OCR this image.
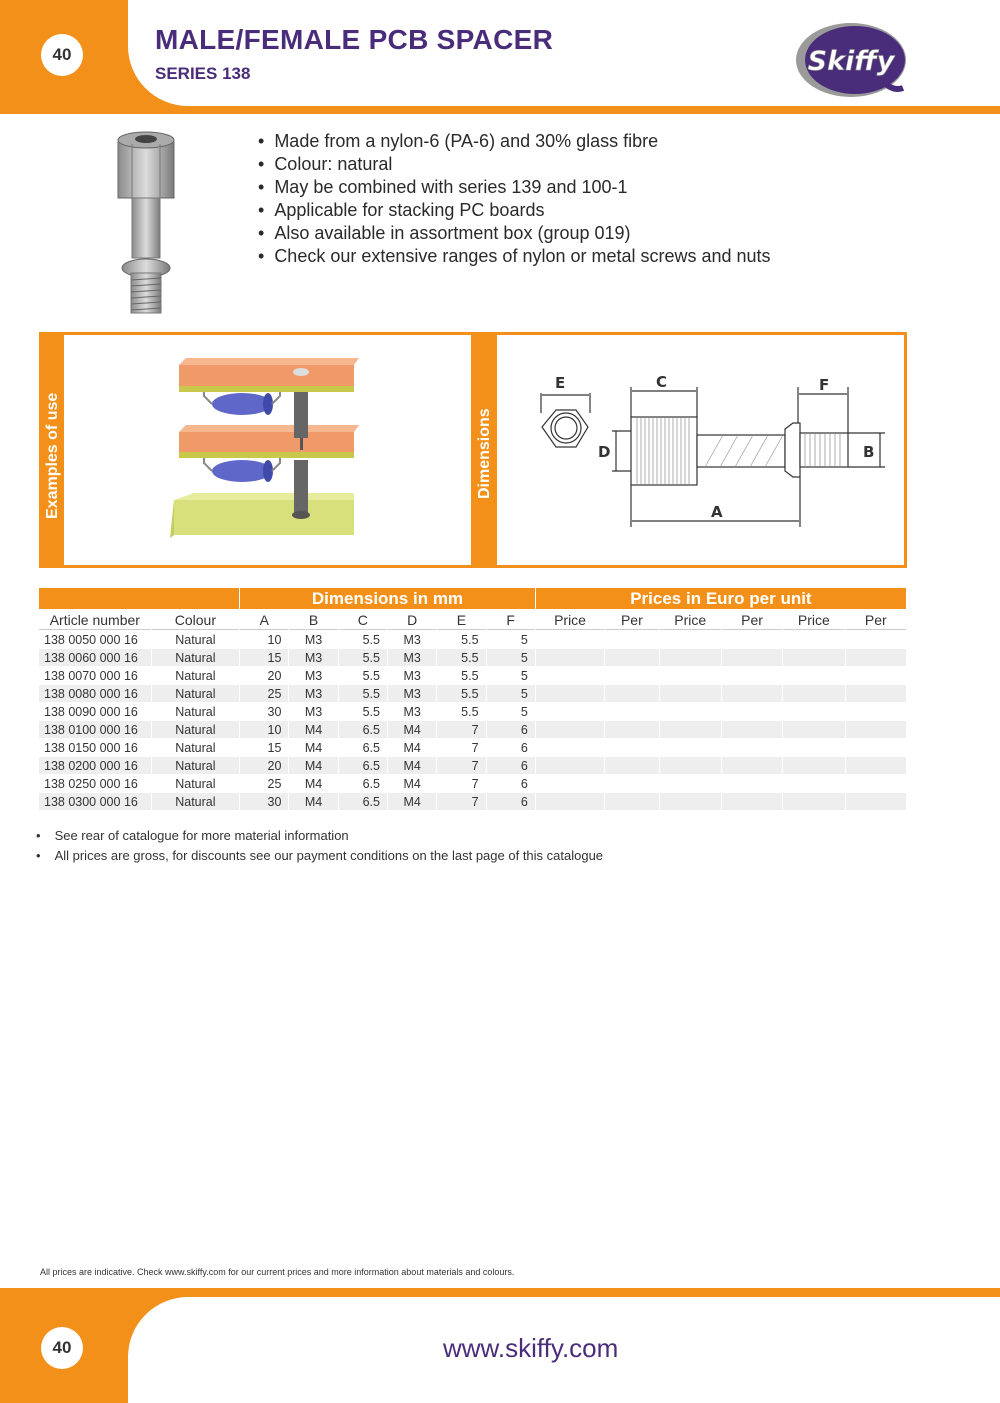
40	MALE/FEMALE PCB SPACER
SERIES 138	Skiffy
• Made from a nylon-6 (PA-6) and 30% glass fibre
• Colour: natural
• May be combined with series 139 and 100-1
• Applicable for stacking PC boards
• Also available in assortment box (group 019)
• Check our extensive ranges of nylon or metal screws and nuts
Examples of use	Dimensions
E	C	F
D	B
A
		Dimensions in mm						Prices in Euro per unit					
Article number	Colour	A	B	C	D	E	F	Price	Per	Price	Per	Price	Per
138 0050 000 16	Natural	10	M3	5.5	M3	5.5	5						
138 0060 000 16	Natural	15	M3	5.5	M3	5.5	5						
138 0070 000 16	Natural	20	M3	5.5	M3	5.5	5						
138 0080 000 16	Natural	25	M3	5.5	M3	5.5	5						
138 0090 000 16	Natural	30	M3	5.5	M3	5.5	5						
138 0100 000 16	Natural	10	M4	6.5	M4	7	6						
138 0150 000 16	Natural	15	M4	6.5	M4	7	6						
138 0200 000 16	Natural	20	M4	6.5	M4	7	6						
138 0250 000 16	Natural	25	M4	6.5	M4	7	6						
138 0300 000 16	Natural	30	M4	6.5	M4	7	6						
• See rear of catalogue for more material information
• All prices are gross, for discounts see our payment conditions on the last page of this catalogue
All prices are indicative. Check www.skiffy.com for our current prices and more information about materials and colours.
40	www.skiffy.com
